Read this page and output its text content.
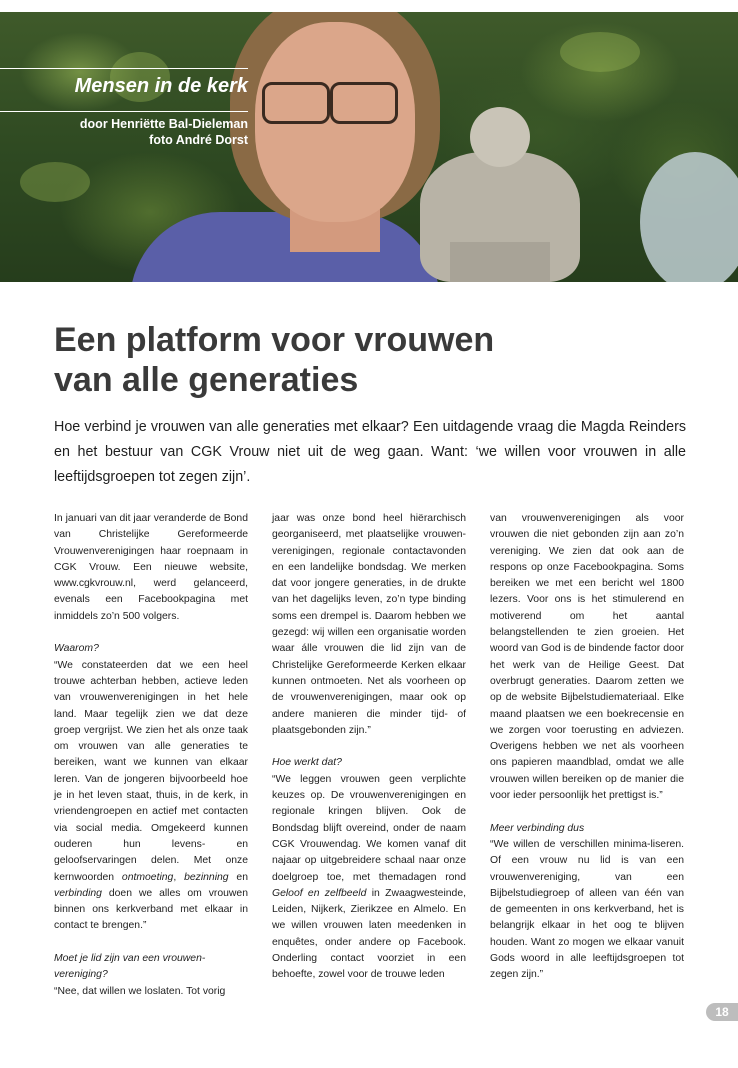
Mensen in de kerk
door Henriëtte Bal-Dieleman
foto André Dorst
Een platform voor vrouwen
van alle generaties

Hoe verbind je vrouwen van alle generaties met elkaar? Een uitdagende vraag die Magda Reinders en het bestuur van CGK Vrouw niet uit de weg gaan. Want: ‘we willen voor vrouwen in alle leeftijdsgroepen tot zegen zijn’.

In januari van dit jaar veranderde de Bond van Christelijke Gereformeerde Vrouwenverenigingen haar roepnaam in CGK Vrouw. Een nieuwe website, www.cgkvrouw.nl, werd gelanceerd, evenals een Facebookpagina met inmiddels zo’n 500 volgers.

Waarom?

“We constateerden dat we een heel trouwe achterban hebben, actieve leden van vrouwenverenigingen in het hele land. Maar tegelijk zien we dat deze groep vergrijst. We zien het als onze taak om vrouwen van alle generaties te bereiken, want we kunnen van elkaar leren. Van de jongeren bijvoorbeeld hoe je in het leven staat, thuis, in de kerk, in vriendengroepen en actief met contacten via social media. Omgekeerd kunnen ouderen hun levens- en geloofservaringen delen. Met onze kernwoorden ontmoeting, bezinning en verbinding doen we alles om vrouwen binnen ons kerkverband met elkaar in contact te brengen.”

Moet je lid zijn van een vrouwen-vereniging?

“Nee, dat willen we loslaten. Tot vorig

jaar was onze bond heel hiërarchisch georganiseerd, met plaatselijke vrouwen-verenigingen, regionale contactavonden en een landelijke bondsdag. We merken dat voor jongere generaties, in de drukte van het dagelijks leven, zo’n type binding soms een drempel is. Daarom hebben we gezegd: wij willen een organisatie worden waar álle vrouwen die lid zijn van de Christelijke Gereformeerde Kerken elkaar kunnen ontmoeten. Net als voorheen op de vrouwenverenigingen, maar ook op andere manieren die minder tijd- of plaatsgebonden zijn.”

Hoe werkt dat?

“We leggen vrouwen geen verplichte keuzes op. De vrouwenverenigingen en regionale kringen blijven. Ook de Bondsdag blijft overeind, onder de naam CGK Vrouwendag. We komen vanaf dit najaar op uitgebreidere schaal naar onze doelgroep toe, met themadagen rond Geloof en zelfbeeld in Zwaagwesteinde, Leiden, Nijkerk, Zierikzee en Almelo. En we willen vrouwen laten meedenken in enquêtes, onder andere op Facebook. Onderling contact voorziet in een behoefte, zowel voor de trouwe leden

van vrouwenverenigingen als voor vrouwen die niet gebonden zijn aan zo’n vereniging. We zien dat ook aan de respons op onze Facebookpagina. Soms bereiken we met een bericht wel 1800 lezers. Voor ons is het stimulerend en motiverend om het aantal belangstellenden te zien groeien. Het woord van God is de bindende factor door het werk van de Heilige Geest. Dat overbrugt generaties. Daarom zetten we op de website Bijbelstudiemateriaal. Elke maand plaatsen we een boekrecensie en we zorgen voor toerusting en adviezen. Overigens hebben we net als voorheen ons papieren maandblad, omdat we alle vrouwen willen bereiken op de manier die voor ieder persoonlijk het prettigst is.”

Meer verbinding dus

“We willen de verschillen minima-liseren. Of een vrouw nu lid is van een vrouwenvereniging, van een Bijbelstudiegroep of alleen van één van de gemeenten in ons kerkverband, het is belangrijk elkaar in het oog te blijven houden. Want zo mogen we elkaar vanuit Gods woord in alle leeftijdsgroepen tot zegen zijn.”

18
